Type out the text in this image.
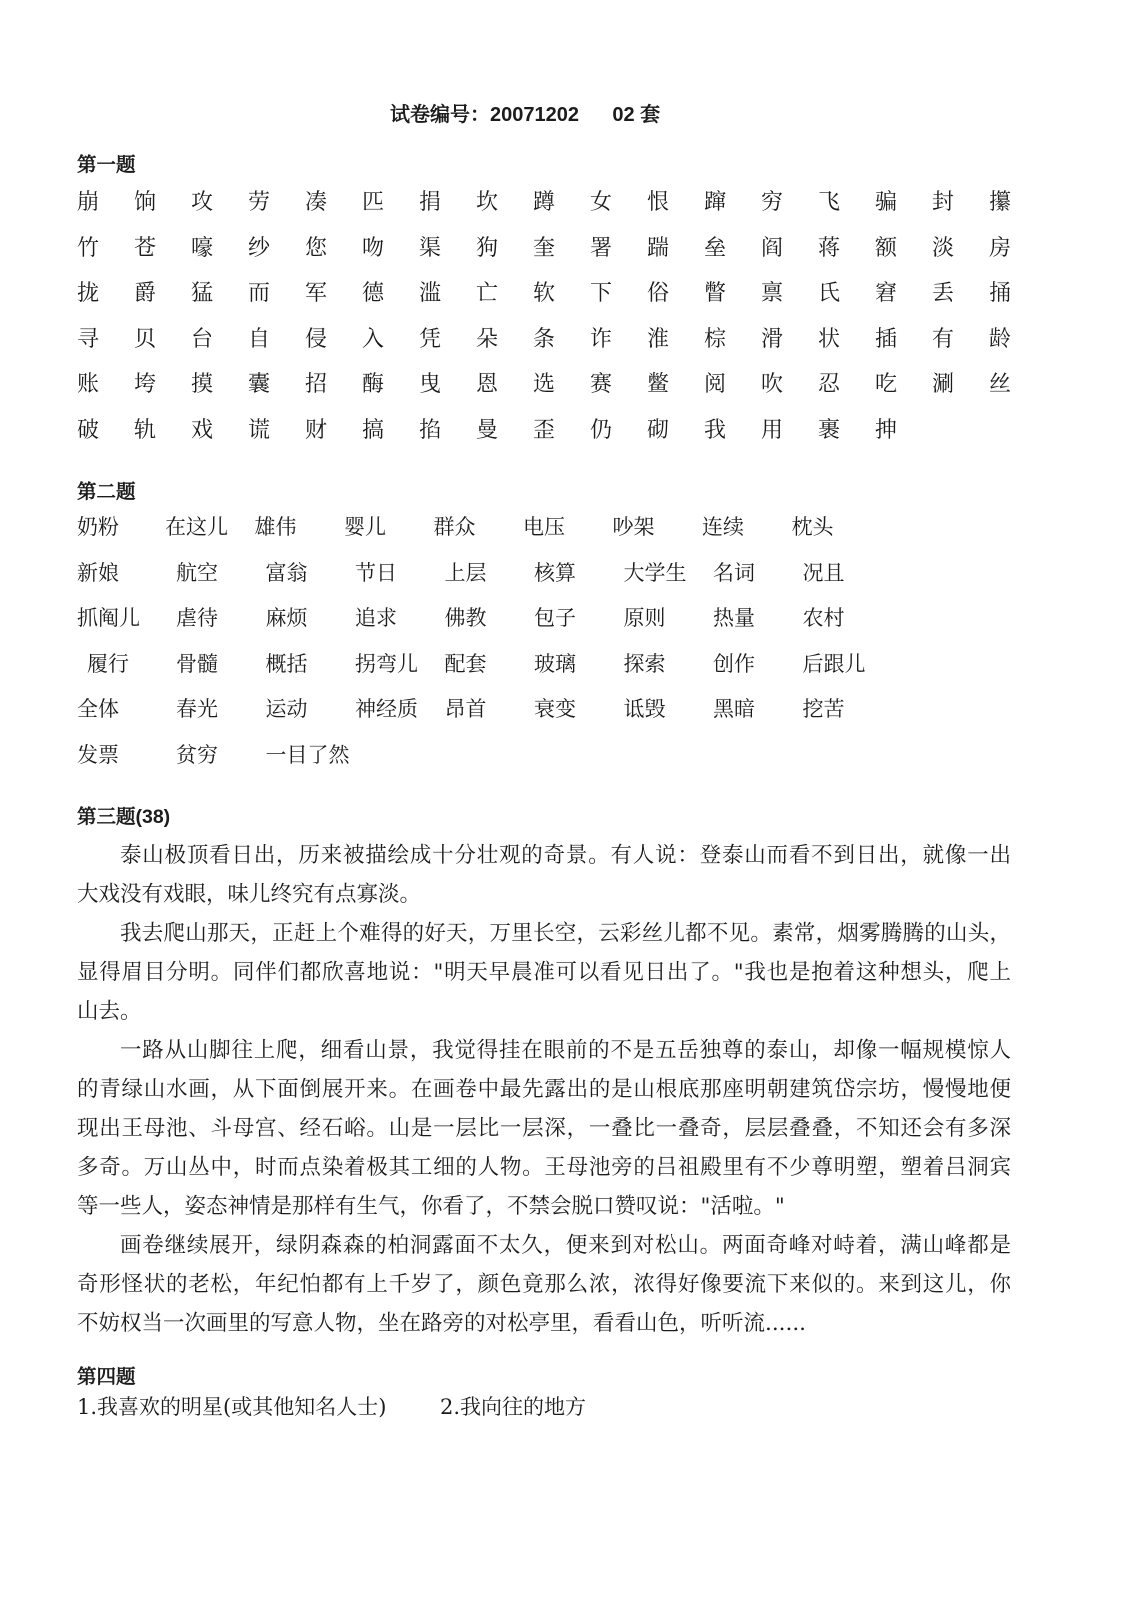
试卷编号：20071202      02 套
第一题
崩	饷	攻	劳	凑	匹	捐	坎	蹲	女	恨	蹿	穷	飞	骗	封	攥
竹	苍	嚎	纱	您	吻	渠	狗	奎	署	踹	垒	阎	蒋	额	淡	房
拢	爵	猛	而	军	德	滥	亡	软	下	俗	瞥	禀	氏	窘	丢	捅
寻	贝	台	自	侵	入	凭	朵	条	诈	淮	棕	滑	状	插	有	龄
账	垮	摸	囊	招	酶	曳	恩	选	赛	鳖	阅	吹	忍	吃	涮	丝
破	轨	戏	谎	财	搞	掐	曼	歪	仍	砌	我	用	裹	抻
第二题
奶粉	在这儿	雄伟	婴儿	群众	电压	吵架	连续	枕头
新娘	航空	富翁	节日	上层	核算	大学生	名词	况且
抓阄儿	虐待	麻烦	追求	佛教	包子	原则	热量	农村
履行	骨髓	概括	拐弯儿	配套	玻璃	探索	创作	后跟儿
全体	春光	运动	神经质	昂首	衰变	诋毁	黑暗	挖苦
发票	贫穷	一目了然
第三题(38)
泰山极顶看日出，历来被描绘成十分壮观的奇景。有人说：登泰山而看不到日出，就像一出
大戏没有戏眼，味儿终究有点寡淡。
我去爬山那天，正赶上个难得的好天，万里长空，云彩丝儿都不见。素常，烟雾腾腾的山头，
显得眉目分明。同伴们都欣喜地说："明天早晨准可以看见日出了。"我也是抱着这种想头，爬上
山去。
一路从山脚往上爬，细看山景，我觉得挂在眼前的不是五岳独尊的泰山，却像一幅规模惊人
的青绿山水画，从下面倒展开来。在画卷中最先露出的是山根底那座明朝建筑岱宗坊，慢慢地便
现出王母池、斗母宫、经石峪。山是一层比一层深，一叠比一叠奇，层层叠叠，不知还会有多深
多奇。万山丛中，时而点染着极其工细的人物。王母池旁的吕祖殿里有不少尊明塑，塑着吕洞宾
等一些人，姿态神情是那样有生气，你看了，不禁会脱口赞叹说："活啦。"
画卷继续展开，绿阴森森的柏洞露面不太久，便来到对松山。两面奇峰对峙着，满山峰都是
奇形怪状的老松，年纪怕都有上千岁了，颜色竟那么浓，浓得好像要流下来似的。来到这儿，你
不妨权当一次画里的写意人物，坐在路旁的对松亭里，看看山色，听听流......
第四题
1.我喜欢的明星(或其他知名人士)	2.我向往的地方
